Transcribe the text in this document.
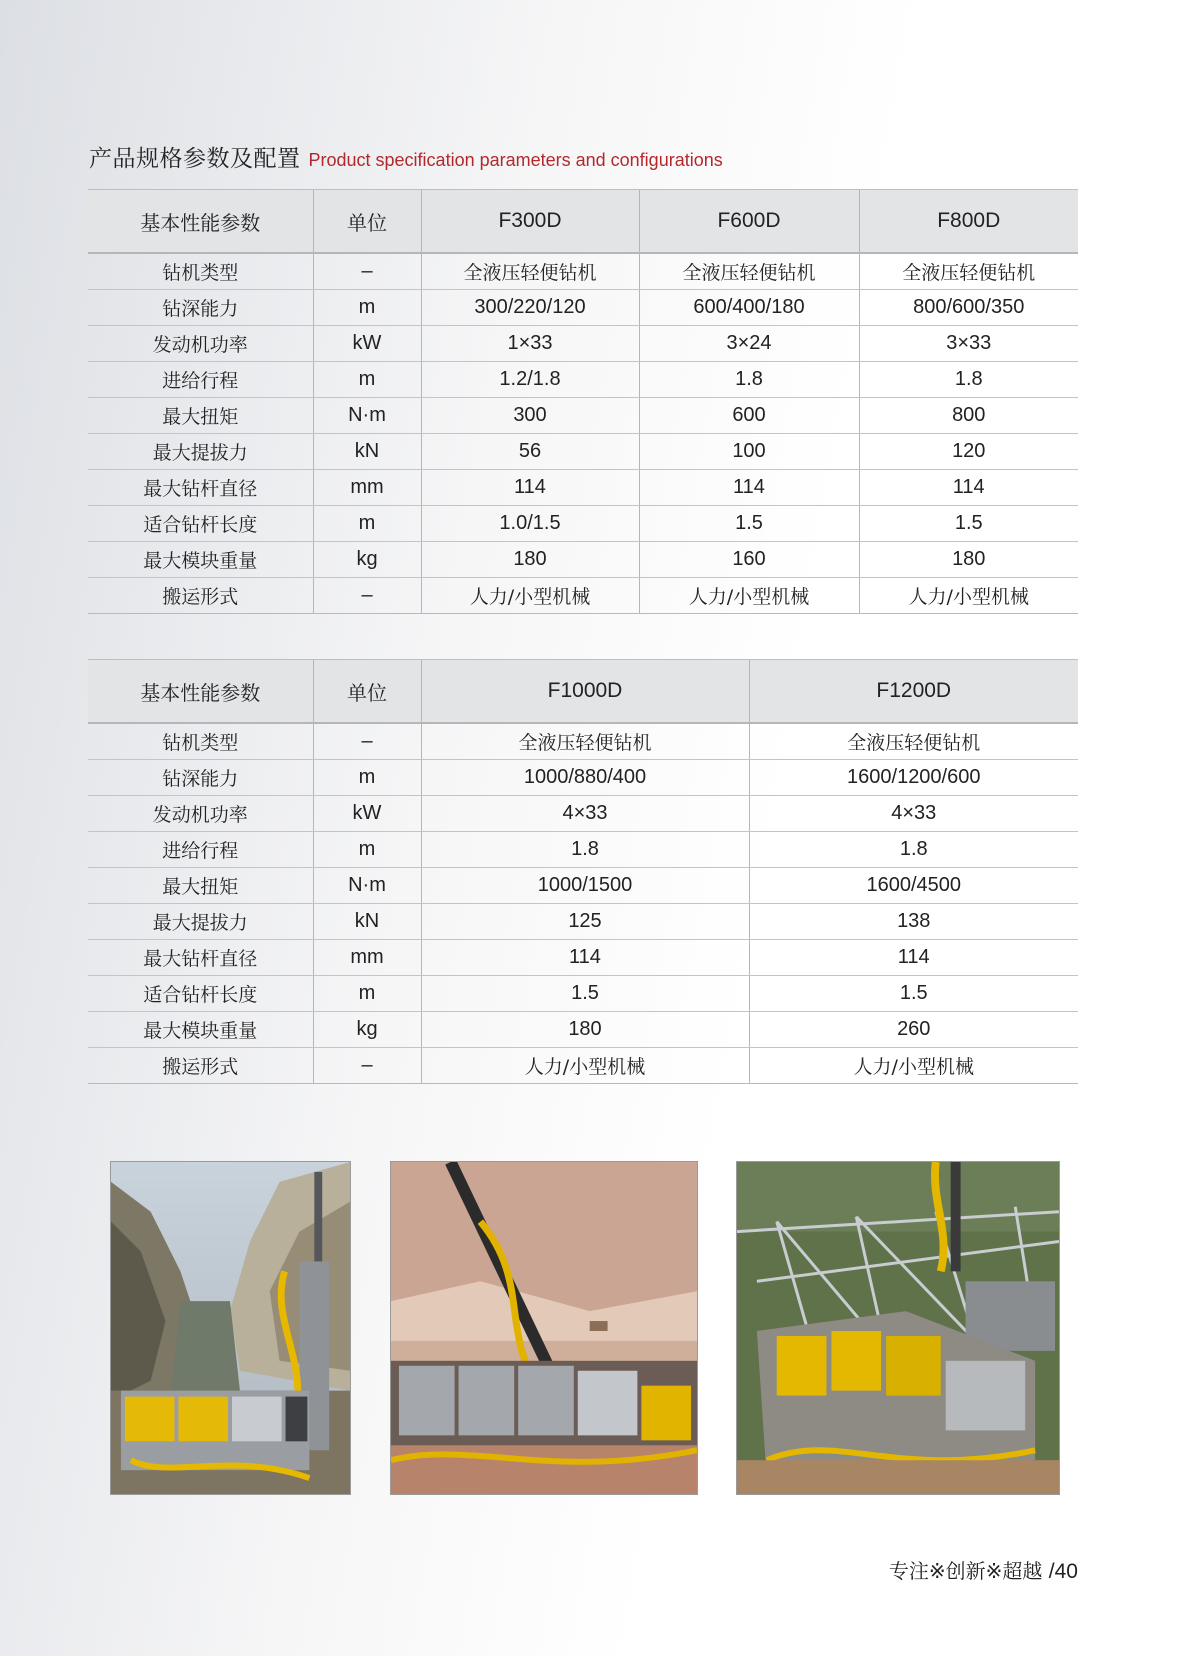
产品规格参数及配置 Product specification parameters and configurations
基本性能参数	单位	F300D	F600D	F800D
钻机类型	–	全液压轻便钻机	全液压轻便钻机	全液压轻便钻机
钻深能力	m	300/220/120	600/400/180	800/600/350
发动机功率	kW	1×33	3×24	3×33
进给行程	m	1.2/1.8	1.8	1.8
最大扭矩	N·m	300	600	800
最大提拔力	kN	56	100	120
最大钻杆直径	mm	114	114	114
适合钻杆长度	m	1.0/1.5	1.5	1.5
最大模块重量	kg	180	160	180
搬运形式	–	人力/小型机械	人力/小型机械	人力/小型机械
基本性能参数	单位	F1000D	F1200D
钻机类型	–	全液压轻便钻机	全液压轻便钻机
钻深能力	m	1000/880/400	1600/1200/600
发动机功率	kW	4×33	4×33
进给行程	m	1.8	1.8
最大扭矩	N·m	1000/1500	1600/4500
最大提拔力	kN	125	138
最大钻杆直径	mm	114	114
适合钻杆长度	m	1.5	1.5
最大模块重量	kg	180	260
搬运形式	–	人力/小型机械	人力/小型机械
专注※创新※超越 /40
